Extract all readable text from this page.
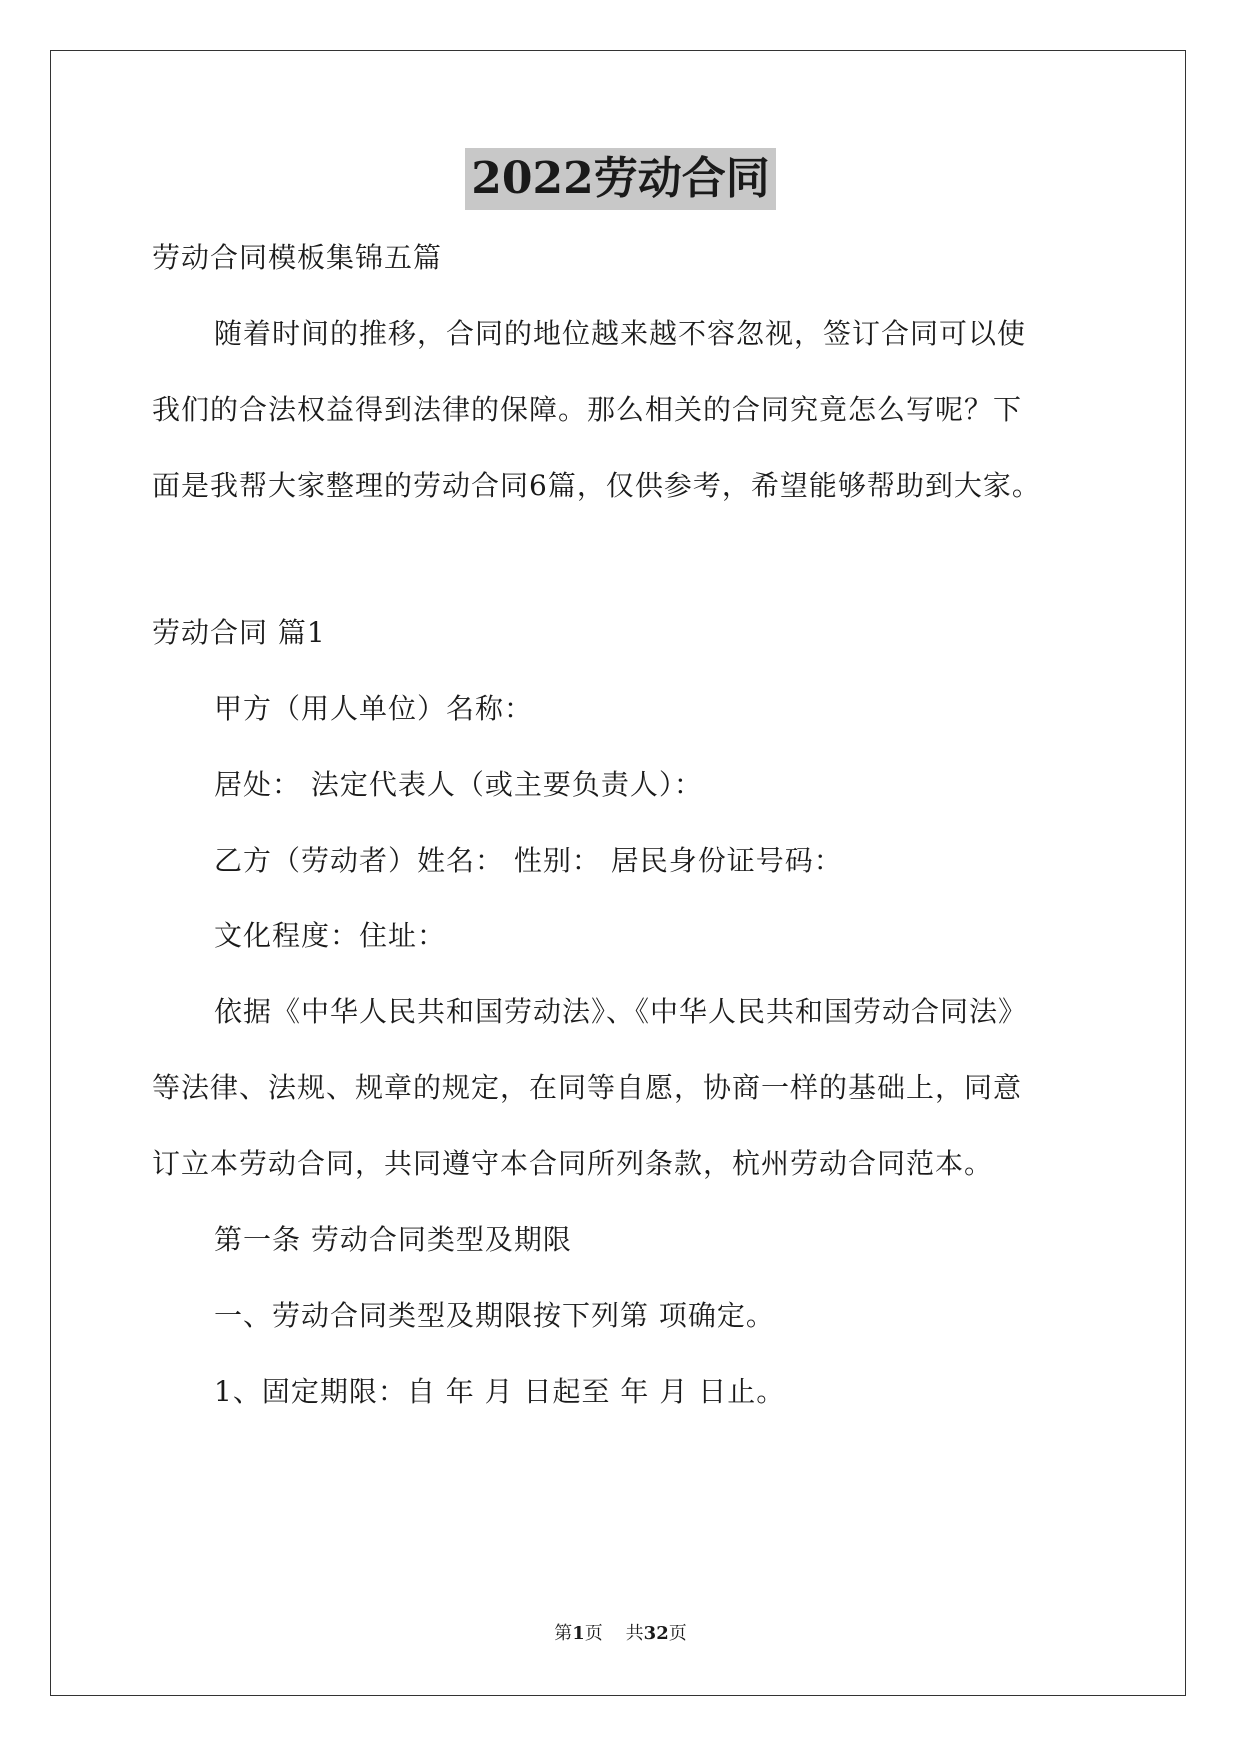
2022劳动合同
劳动合同模板集锦五篇
随着时间的推移，合同的地位越来越不容忽视，签订合同可以使
我们的合法权益得到法律的保障。那么相关的合同究竟怎么写呢？下
面是我帮大家整理的劳动合同6篇，仅供参考，希望能够帮助到大家。
劳动合同 篇1
甲方（用人单位）名称：
居处： 法定代表人（或主要负责人）：
乙方（劳动者）姓名： 性别： 居民身份证号码：
文化程度：住址：
依据《中华人民共和国劳动法》、《中华人民共和国劳动合同法》
等法律、法规、规章的规定，在同等自愿，协商一样的基础上，同意
订立本劳动合同，共同遵守本合同所列条款，杭州劳动合同范本。
第一条 劳动合同类型及期限
一、劳动合同类型及期限按下列第 项确定。
1、固定期限：自 年 月 日起至 年 月 日止。
第1页    共32页
